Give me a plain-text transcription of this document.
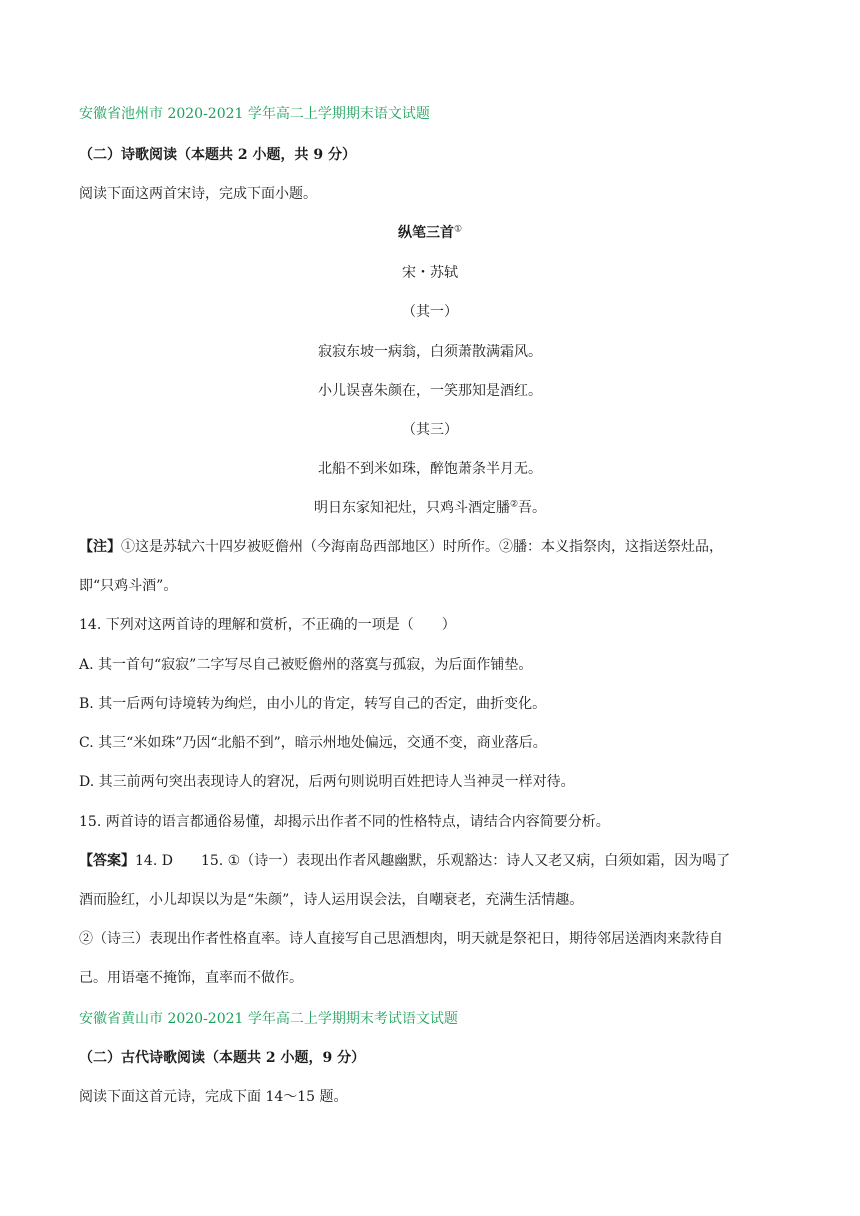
安徽省池州市 2020-2021 学年高二上学期期末语文试题
（二）诗歌阅读（本题共 2 小题，共 9 分）
阅读下面这两首宋诗，完成下面小题。
纵笔三首①
宋・苏轼
（其一）
寂寂东坡一病翁，白须萧散满霜风。
小儿误喜朱颜在，一笑那知是酒红。
（其三）
北船不到米如珠，醉饱萧条半月无。
明日东家知祀灶，只鸡斗酒定膰②吾。
【注】①这是苏轼六十四岁被贬儋州（今海南岛西部地区）时所作。②膰：本义指祭肉，这指送祭灶品，
即“只鸡斗酒”。
14. 下列对这两首诗的理解和赏析，不正确的一项是（　　）
A. 其一首句“寂寂”二字写尽自己被贬儋州的落寞与孤寂，为后面作铺垫。
B. 其一后两句诗境转为绚烂，由小儿的肯定，转写自己的否定，曲折变化。
C. 其三“米如珠”乃因“北船不到”，暗示州地处偏远，交通不变，商业落后。
D. 其三前两句突出表现诗人的窘况，后两句则说明百姓把诗人当神灵一样对待。
15. 两首诗的语言都通俗易懂，却揭示出作者不同的性格特点，请结合内容简要分析。
【答案】14. D 15. ①（诗一）表现出作者风趣幽默，乐观豁达：诗人又老又病，白须如霜，因为喝了
酒而脸红，小儿却误以为是“朱颜”，诗人运用误会法，自嘲衰老，充满生活情趣。
②（诗三）表现出作者性格直率。诗人直接写自己思酒想肉，明天就是祭祀日，期待邻居送酒肉来款待自
己。用语毫不掩饰，直率而不做作。
安徽省黄山市 2020-2021 学年高二上学期期末考试语文试题
（二）古代诗歌阅读（本题共 2 小题，9 分）
阅读下面这首元诗，完成下面 14～15 题。
